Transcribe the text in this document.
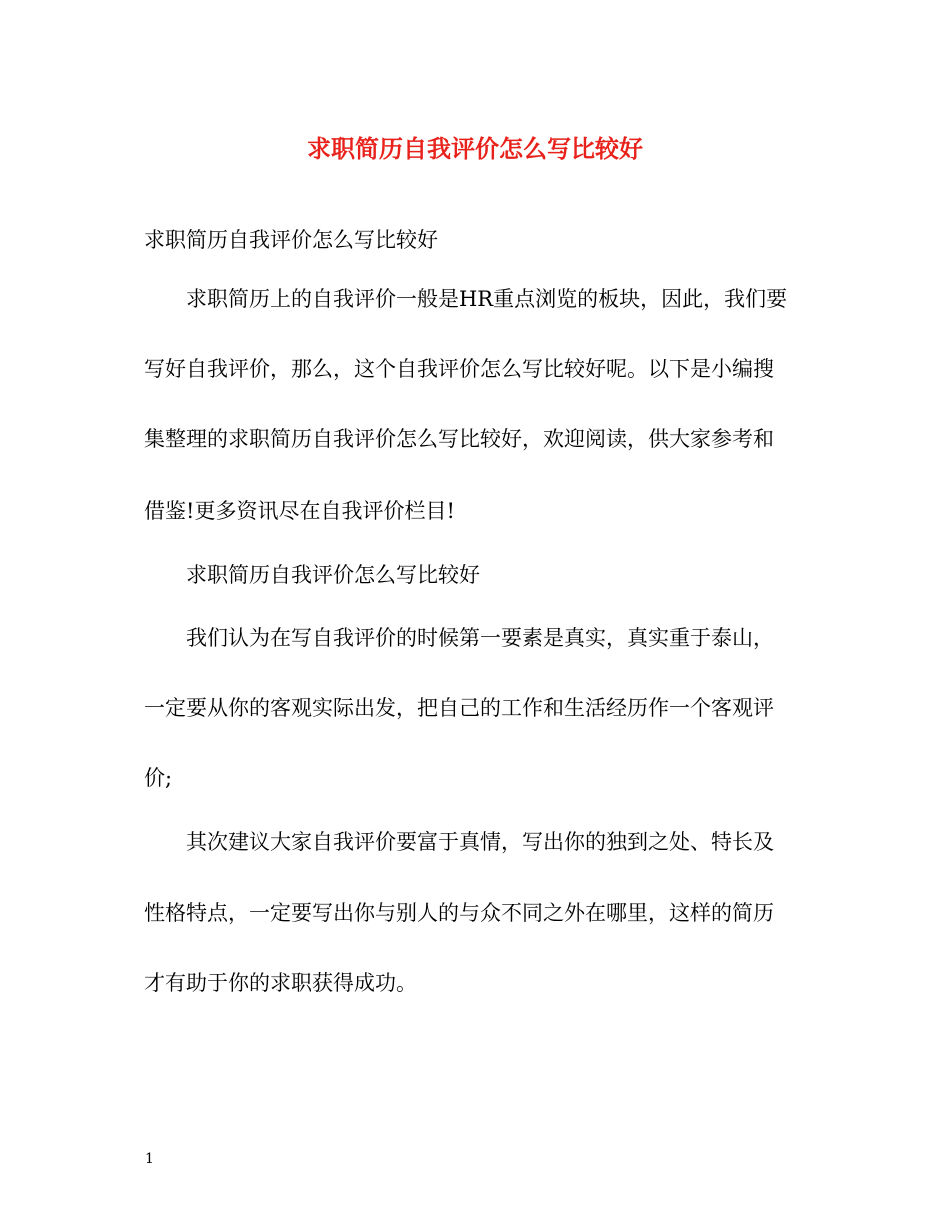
求职简历自我评价怎么写比较好
求职简历自我评价怎么写比较好
求职简历上的自我评价一般是HR重点浏览的板块，因此，我们要
写好自我评价，那么，这个自我评价怎么写比较好呢。以下是小编搜
集整理的求职简历自我评价怎么写比较好，欢迎阅读，供大家参考和
借鉴!更多资讯尽在自我评价栏目!
求职简历自我评价怎么写比较好
我们认为在写自我评价的时候第一要素是真实，真实重于泰山，
一定要从你的客观实际出发，把自己的工作和生活经历作一个客观评
价;
其次建议大家自我评价要富于真情，写出你的独到之处、特长及
性格特点，一定要写出你与别人的与众不同之外在哪里，这样的简历
才有助于你的求职获得成功。
1
